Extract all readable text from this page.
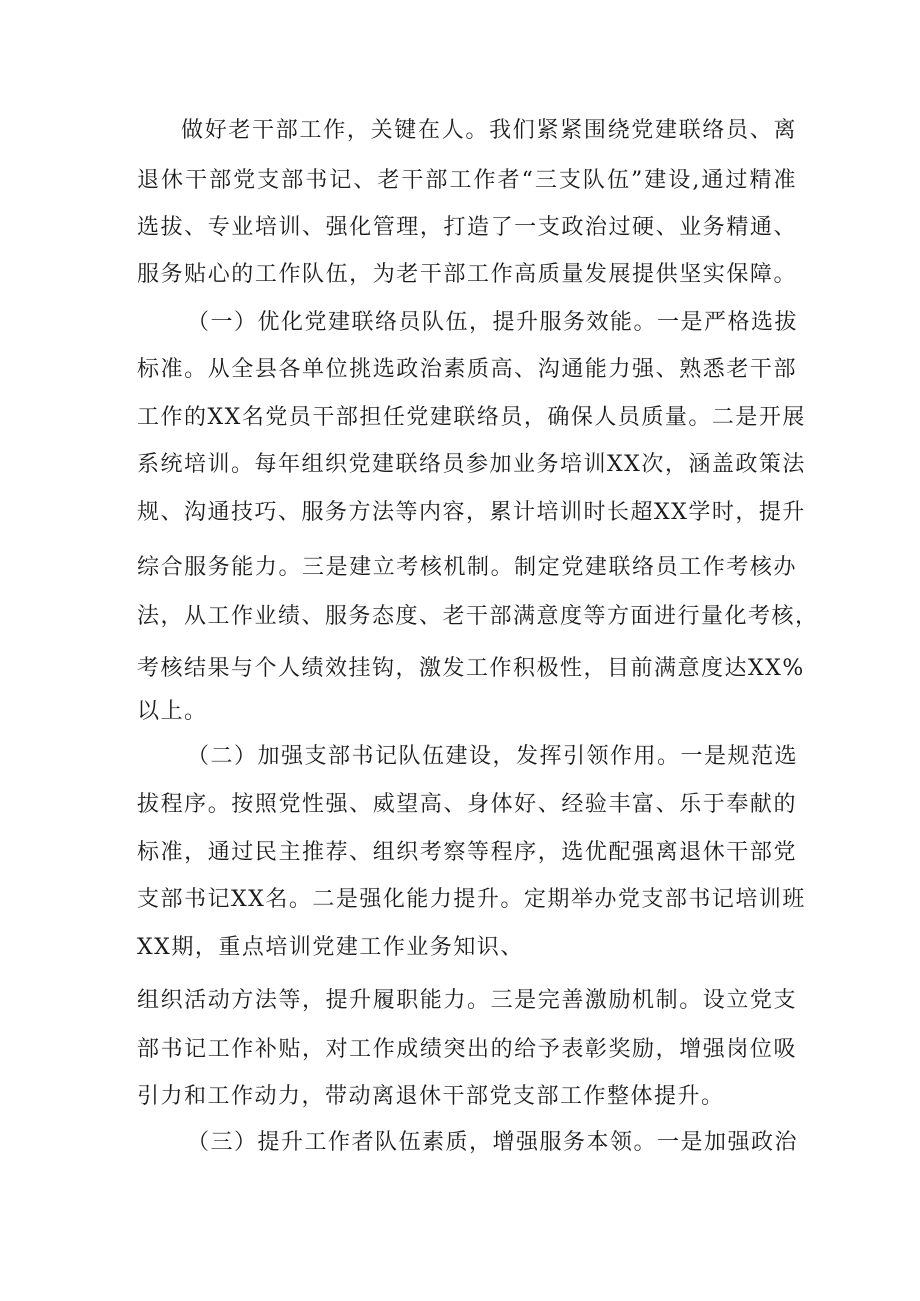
做好老干部工作，关键在人。我们紧紧围绕党建联络员、离
退休干部党支部书记、老干部工作者“三支队伍”建设,通过精准
选拔、专业培训、强化管理，打造了一支政治过硬、业务精通、
服务贴心的工作队伍，为老干部工作高质量发展提供坚实保障。
（一）优化党建联络员队伍，提升服务效能。一是严格选拔
标准。从全县各单位挑选政治素质高、沟通能力强、熟悉老干部
工作的XX名党员干部担任党建联络员，确保人员质量。二是开展
系统培训。每年组织党建联络员参加业务培训XX次，涵盖政策法
规、沟通技巧、服务方法等内容，累计培训时长超XX学时，提升
综合服务能力。三是建立考核机制。制定党建联络员工作考核办
法，从工作业绩、服务态度、老干部满意度等方面进行量化考核，
考核结果与个人绩效挂钩，激发工作积极性，目前满意度达XX%
以上。
（二）加强支部书记队伍建设，发挥引领作用。一是规范选
拔程序。按照党性强、威望高、身体好、经验丰富、乐于奉献的
标准，通过民主推荐、组织考察等程序，选优配强离退休干部党
支部书记XX名。二是强化能力提升。定期举办党支部书记培训班
XX期，重点培训党建工作业务知识、
组织活动方法等，提升履职能力。三是完善激励机制。设立党支
部书记工作补贴，对工作成绩突出的给予表彰奖励，增强岗位吸
引力和工作动力，带动离退休干部党支部工作整体提升。
（三）提升工作者队伍素质，增强服务本领。一是加强政治
